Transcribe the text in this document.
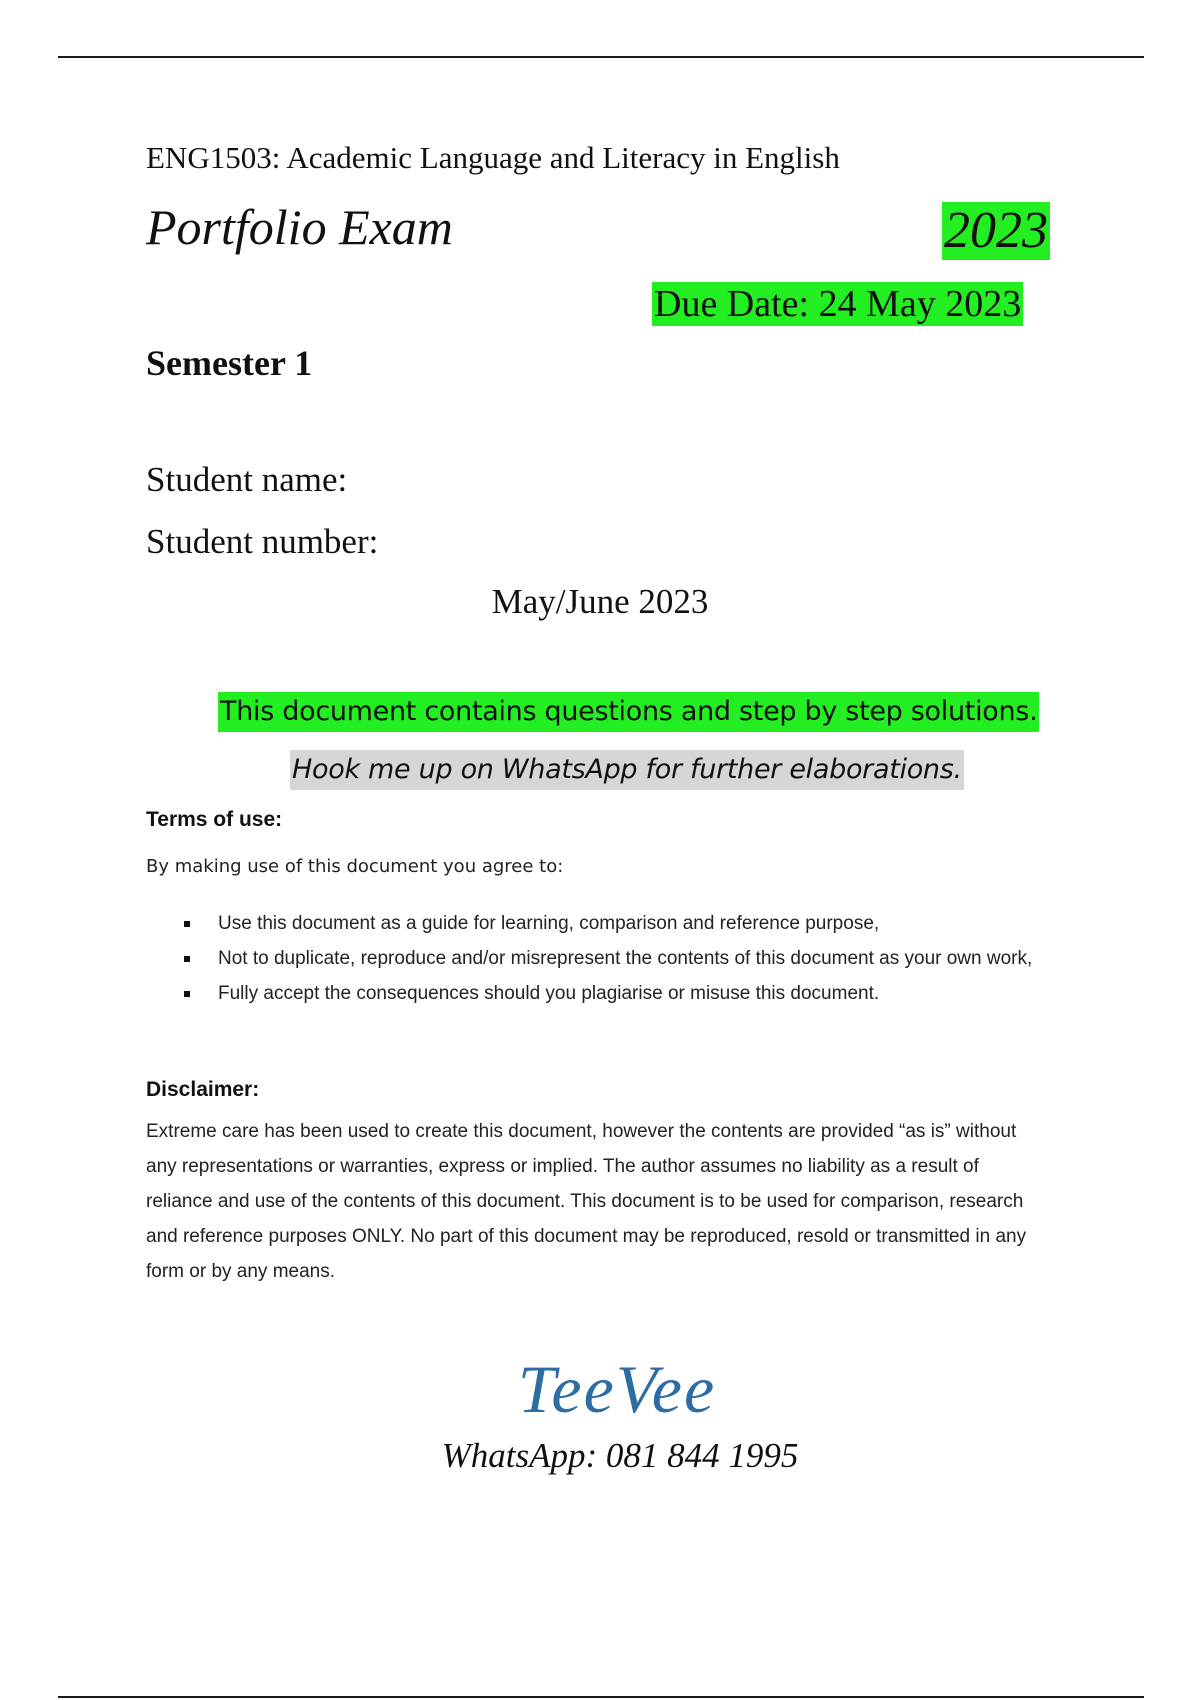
ENG1503: Academic Language and Literacy in English
Portfolio Exam	2023
Due Date: 24 May 2023
Semester 1
Student name:
Student number:
May/June 2023
This document contains questions and step by step solutions.
Hook me up on WhatsApp for further elaborations.
Terms of use:
By making use of this document you agree to:
Use this document as a guide for learning, comparison and reference purpose,
Not to duplicate, reproduce and/or misrepresent the contents of this document as your own work,
Fully accept the consequences should you plagiarise or misuse this document.
Disclaimer:

Extreme care has been used to create this document, however the contents are provided “as is” without any representations or warranties, express or implied. The author assumes no liability as a result of reliance and use of the contents of this document. This document is to be used for comparison, research and reference purposes ONLY. No part of this document may be reproduced, resold or transmitted in any form or by any means.

TeeVee
WhatsApp: 081 844 1995
